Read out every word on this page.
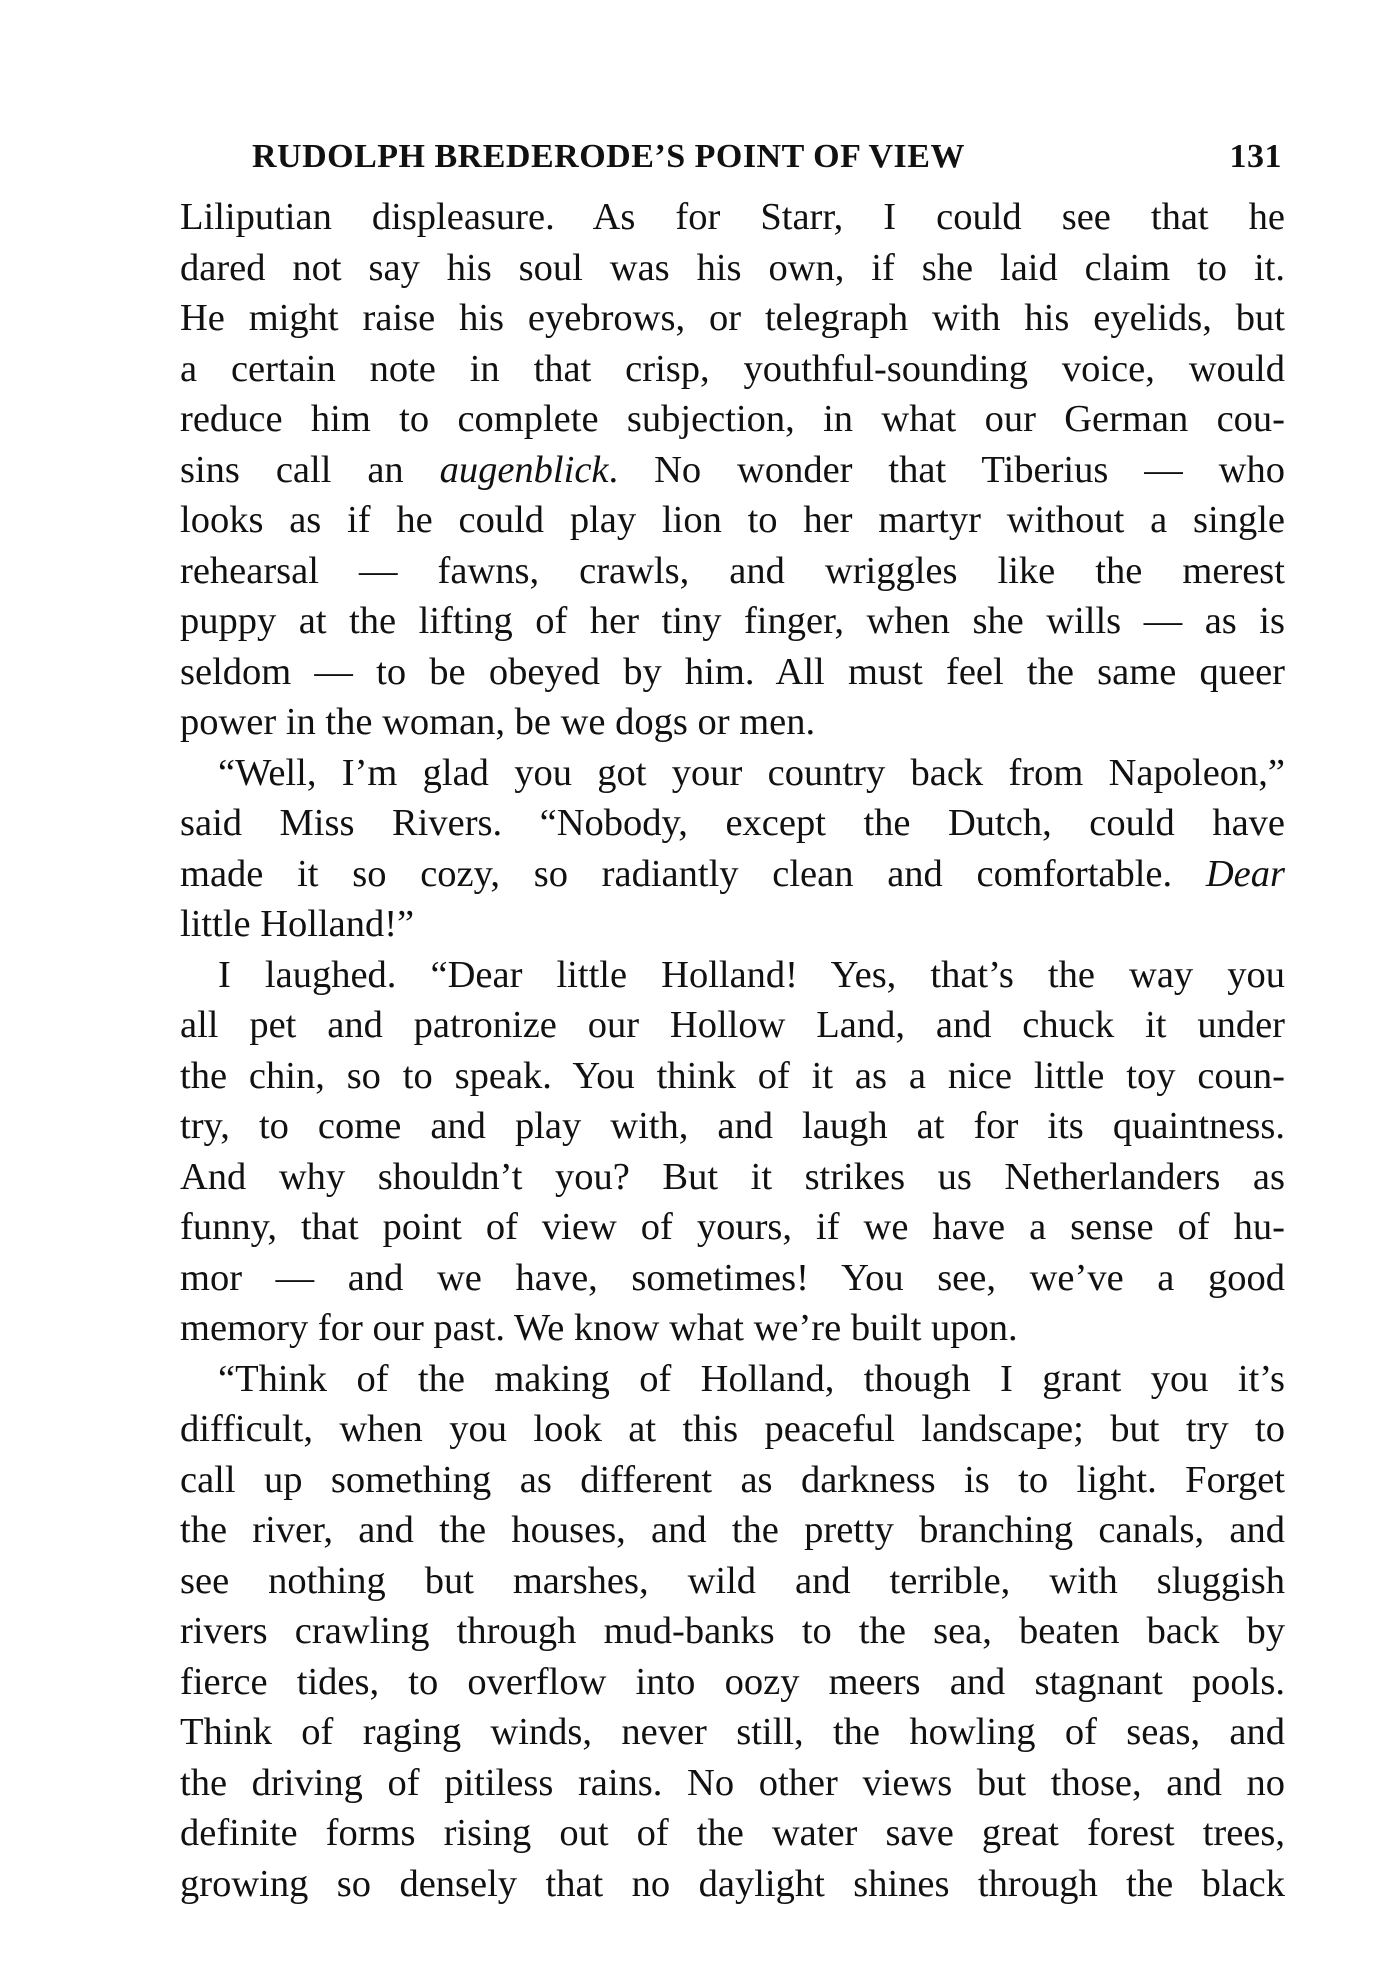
RUDOLPH BREDERODE’S POINT OF VIEW	131
Liliputian displeasure. As for Starr, I could see that he
dared not say his soul was his own, if she laid claim to it.
He might raise his eyebrows, or telegraph with his eyelids, but
a certain note in that crisp, youthful-sounding voice, would
reduce him to complete subjection, in what our German cou-
sins call an augenblick. No wonder that Tiberius — who
looks as if he could play lion to her martyr without a single
rehearsal — fawns, crawls, and wriggles like the merest
puppy at the lifting of her tiny finger, when she wills — as is
seldom — to be obeyed by him. All must feel the same queer
power in the woman, be we dogs or men.
“Well, I’m glad you got your country back from Napoleon,”
said Miss Rivers. “Nobody, except the Dutch, could have
made it so cozy, so radiantly clean and comfortable. Dear
little Holland!”
I laughed. “Dear little Holland! Yes, that’s the way you
all pet and patronize our Hollow Land, and chuck it under
the chin, so to speak. You think of it as a nice little toy coun-
try, to come and play with, and laugh at for its quaintness.
And why shouldn’t you? But it strikes us Netherlanders as
funny, that point of view of yours, if we have a sense of hu-
mor — and we have, sometimes! You see, we’ve a good
memory for our past. We know what we’re built upon.
“Think of the making of Holland, though I grant you it’s
difficult, when you look at this peaceful landscape; but try to
call up something as different as darkness is to light. Forget
the river, and the houses, and the pretty branching canals, and
see nothing but marshes, wild and terrible, with sluggish
rivers crawling through mud-banks to the sea, beaten back by
fierce tides, to overflow into oozy meers and stagnant pools.
Think of raging winds, never still, the howling of seas, and
the driving of pitiless rains. No other views but those, and no
definite forms rising out of the water save great forest trees,
growing so densely that no daylight shines through the black
